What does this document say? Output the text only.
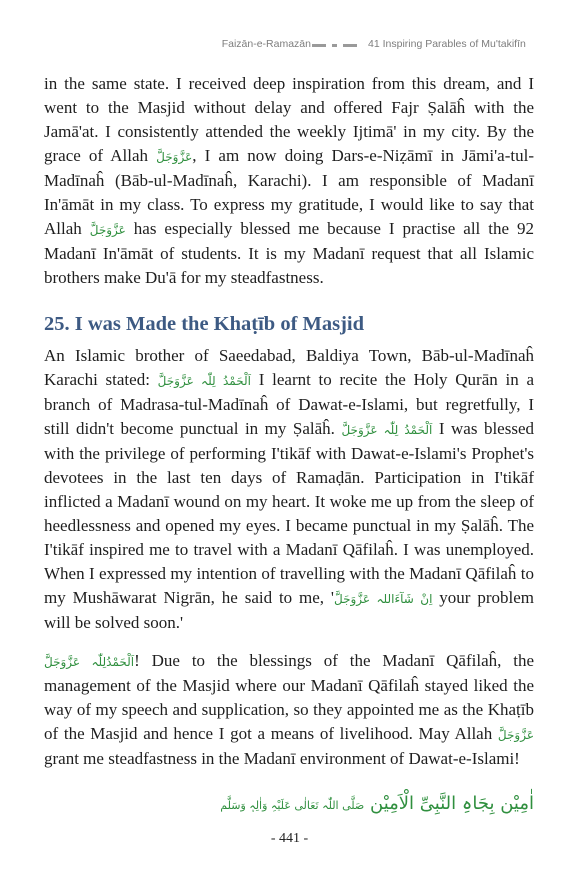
Faizān-e-Ramazān	41 Inspiring Parables of Mu'takifīn

in the same state. I received deep inspiration from this dream, and I went to the Masjid without delay and offered Fajr Ṣalāĥ with the Jamā'at. I consistently attended the weekly Ijtimā' in my city. By the grace of Allah عَزَّوَجَلَّ, I am now doing Dars-e-Niẓāmī in Jāmi'a-tul-Madīnaĥ (Bāb-ul-Madīnaĥ, Karachi). I am responsible of Madanī In'āmāt in my class. To express my gratitude, I would like to say that Allah عَزَّوَجَلَّ has especially blessed me because I practise all the 92 Madanī In'āmāt of students. It is my Madanī request that all Islamic brothers make Du'ā for my steadfastness.

25. I was Made the Khaṭīb of Masjid

An Islamic brother of Saeedabad, Baldiya Town, Bāb-ul-Madīnaĥ Karachi stated: اَلْحَمْدُ لِلّٰہ عَزَّوَجَلَّ I learnt to recite the Holy Qurān in a branch of Madrasa-tul-Madīnaĥ of Dawat-e-Islami, but regretfully, I still didn't become punctual in my Ṣalāĥ. اَلْحَمْدُ لِلّٰہ عَزَّوَجَلَّ I was blessed with the privilege of performing I'tikāf with Dawat-e-Islami's Prophet's devotees in the last ten days of Ramaḍān. Participation in I'tikāf inflicted a Madanī wound on my heart. It woke me up from the sleep of heedlessness and opened my eyes. I became punctual in my Ṣalāĥ. The I'tikāf inspired me to travel with a Madanī Qāfilaĥ. I was unemployed. When I expressed my intention of travelling with the Madanī Qāfilaĥ to my Mushāwarat Nigrān, he said to me, 'اِنْ شَآءَاللہ عَزَّوَجَلَّ your problem will be solved soon.'

اَلْحَمْدُلِلّٰہ عَزَّوَجَلَّ! Due to the blessings of the Madanī Qāfilaĥ, the management of the Masjid where our Madanī Qāfilaĥ stayed liked the way of my speech and supplication, so they appointed me as the Khaṭīb of the Masjid and hence I got a means of livelihood. May Allah عَزَّوَجَلَّ grant me steadfastness in the Madanī environment of Dawat-e-Islami!

اٰمِیْن بِجَاہِ النَّبِیِّ الْاَمِیْن صَلَّی اللّٰہ تَعَالٰی عَلَیْہِ وَاٰلِہٖ وَسَلَّم
- 441 -
